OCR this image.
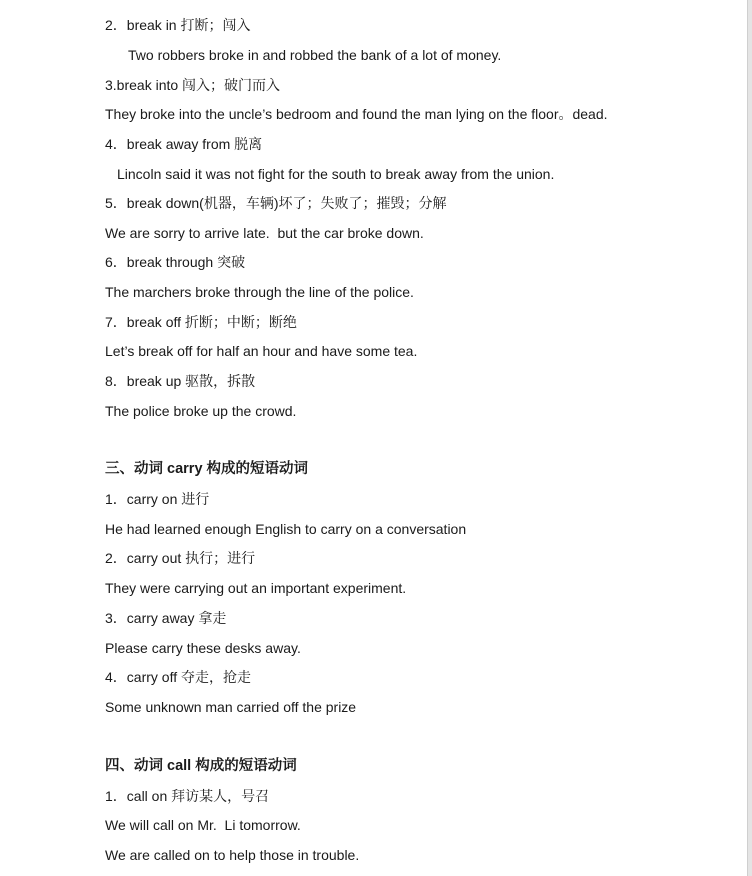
2．break in 打断；闯入
Two robbers broke in and robbed the bank of a lot of money.
3.break into 闯入；破门而入
They broke into the uncle’s bedroom and found the man lying on the floor。dead.
4．break away from 脱离
Lincoln said it was not fight for the south to break away from the union.
5．break down(机器，车辆)坏了；失败了；摧毁；分解
We are sorry to arrive late.  but the car broke down.
6．break through 突破
The marchers broke through the line of the police.
7．break off 折断；中断；断绝
Let’s break off for half an hour and have some tea.
8．break up 驱散，拆散
The police broke up the crowd.
三、动词 carry 构成的短语动词
1．carry on 进行
He had learned enough English to carry on a conversation
2．carry out 执行；进行
They were carrying out an important experiment.
3．carry away 拿走
Please carry these desks away.
4．carry off 夺走，抢走
Some unknown man carried off the prize
四、动词 call 构成的短语动词
1．call on 拜访某人，号召
We will call on Mr.  Li tomorrow.
We are called on to help those in trouble.
